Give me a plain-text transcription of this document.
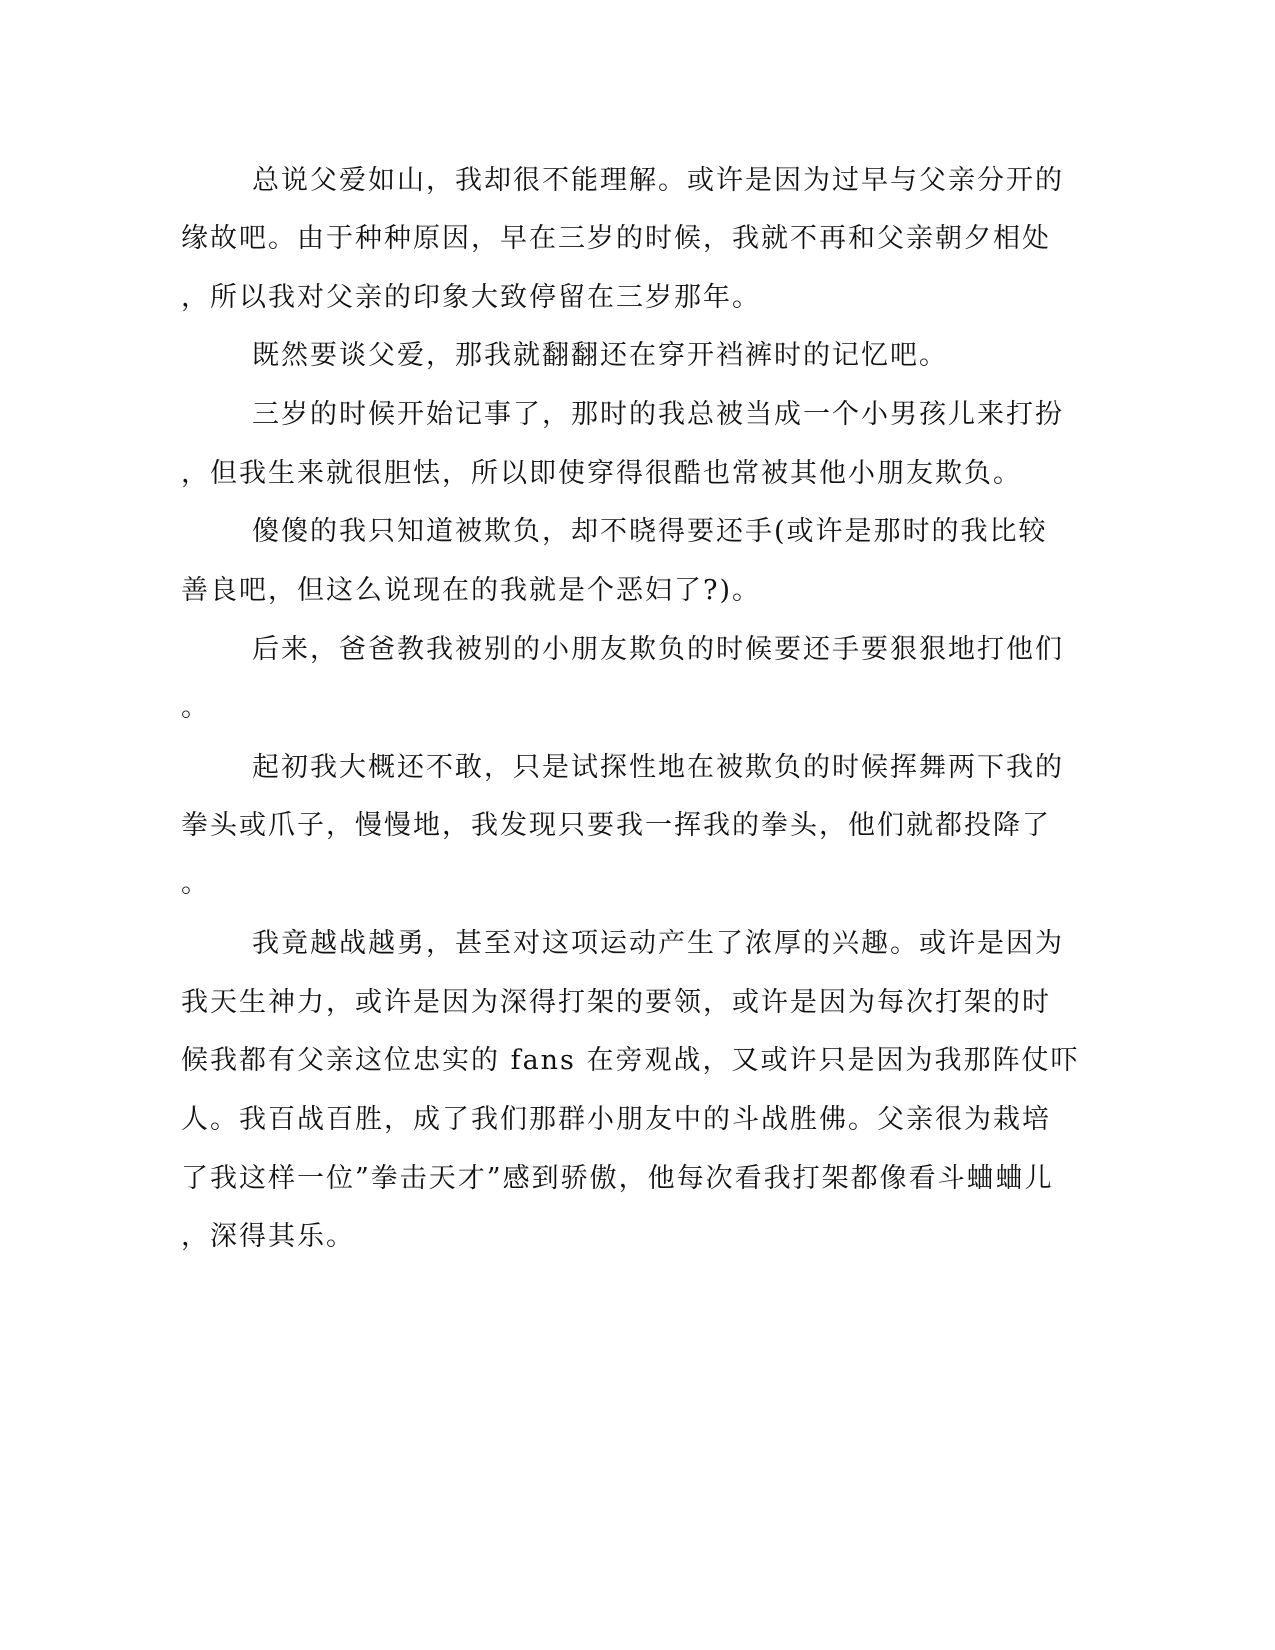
总说父爱如山，我却很不能理解。或许是因为过早与父亲分开的

缘故吧。由于种种原因，早在三岁的时候，我就不再和父亲朝夕相处

，所以我对父亲的印象大致停留在三岁那年。

既然要谈父爱，那我就翻翻还在穿开裆裤时的记忆吧。

三岁的时候开始记事了，那时的我总被当成一个小男孩儿来打扮

，但我生来就很胆怯，所以即使穿得很酷也常被其他小朋友欺负。

傻傻的我只知道被欺负，却不晓得要还手(或许是那时的我比较

善良吧，但这么说现在的我就是个恶妇了?)。

后来，爸爸教我被别的小朋友欺负的时候要还手要狠狠地打他们

。

起初我大概还不敢，只是试探性地在被欺负的时候挥舞两下我的

拳头或爪子，慢慢地，我发现只要我一挥我的拳头，他们就都投降了

。

我竟越战越勇，甚至对这项运动产生了浓厚的兴趣。或许是因为

我天生神力，或许是因为深得打架的要领，或许是因为每次打架的时

候我都有父亲这位忠实的 fans 在旁观战，又或许只是因为我那阵仗吓

人。我百战百胜，成了我们那群小朋友中的斗战胜佛。父亲很为栽培

了我这样一位”拳击天才”感到骄傲，他每次看我打架都像看斗蛐蛐儿

，深得其乐。
